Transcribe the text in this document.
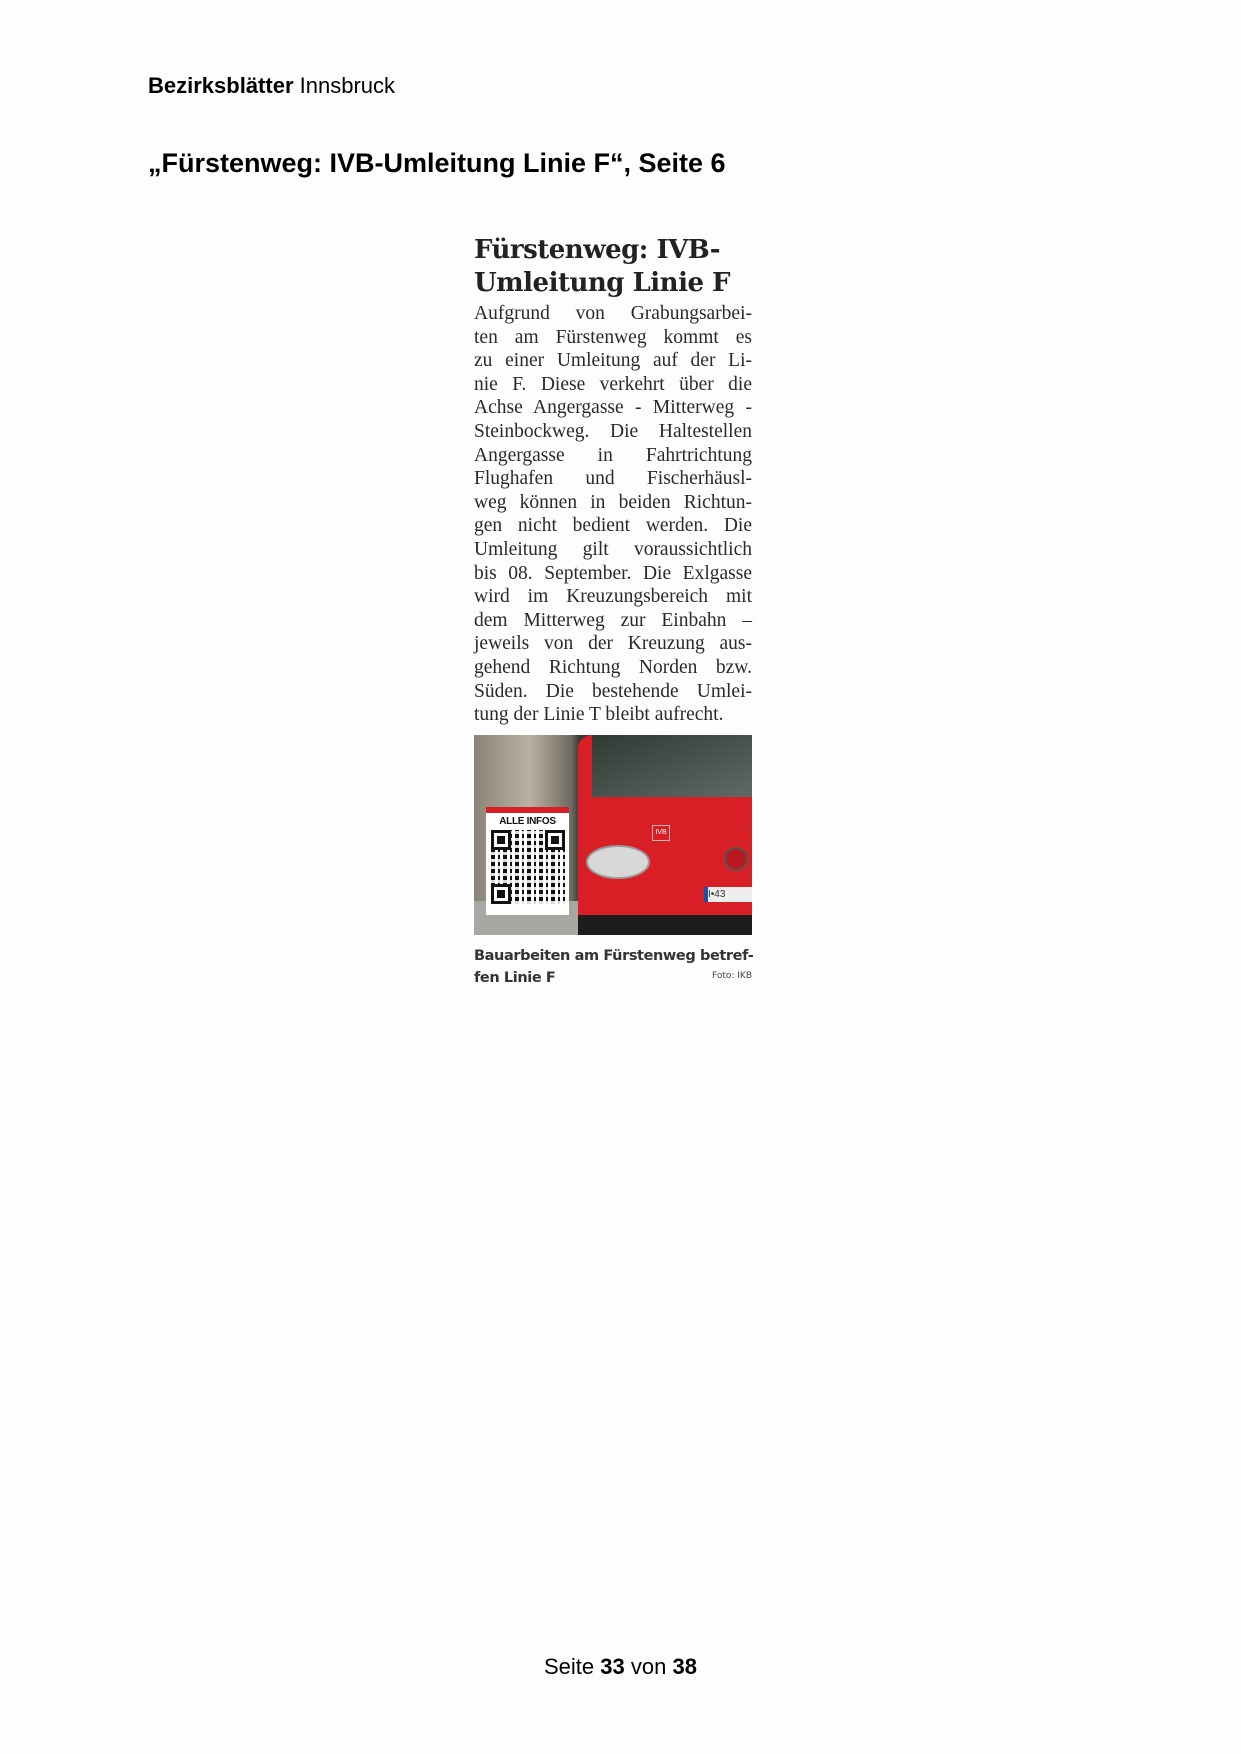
Bezirksblätter Innsbruck
„Fürstenweg: IVB-Umleitung Linie F“, Seite 6
Fürstenweg: IVB-
Umleitung Linie F
Aufgrund von Grabungsarbei-
ten am Fürstenweg kommt es
zu einer Umleitung auf der Li-
nie F. Diese verkehrt über die
Achse Angergasse - Mitterweg -
Steinbockweg. Die Haltestellen
Angergasse in Fahrtrichtung
Flughafen und Fischerhäusl-
weg können in beiden Richtun-
gen nicht bedient werden. Die
Umleitung gilt voraussichtlich
bis 08. September. Die Exlgasse
wird im Kreuzungsbereich mit
dem Mitterweg zur Einbahn –
jeweils von der Kreuzung aus-
gehend Richtung Norden bzw.
Süden. Die bestehende Umlei-
tung der Linie T bleibt aufrecht.
IVB
I•43
ALLE INFOS
Bauarbeiten am Fürstenweg betref-
fen Linie F	Foto: IKB
Seite 33 von 38
